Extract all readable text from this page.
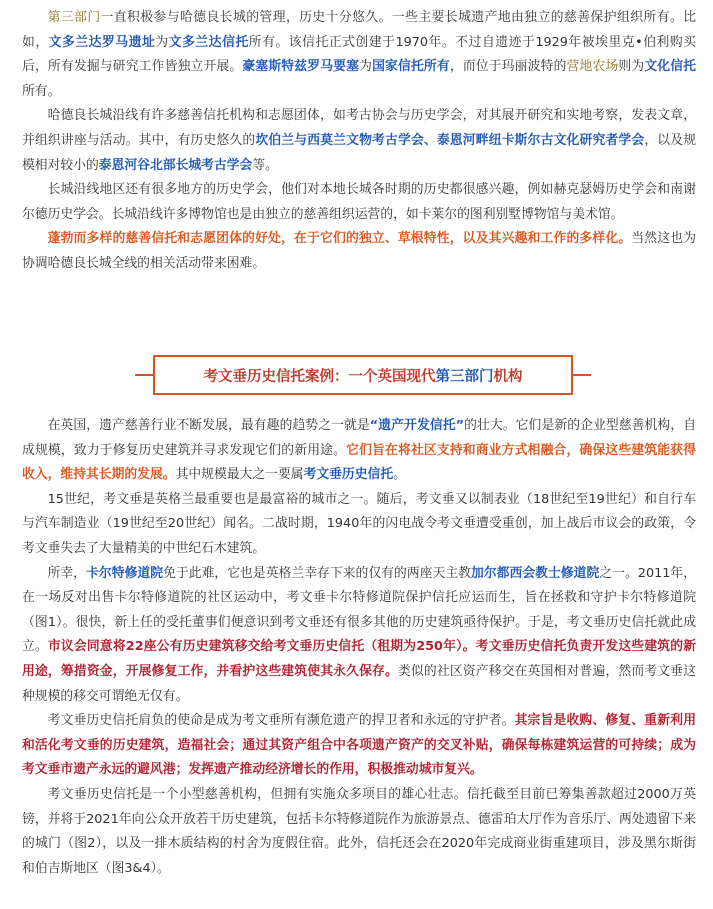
第三部门一直积极参与哈德良长城的管理，历史十分悠久。一些主要长城遗产地由独立的慈善保护组织所有。比如，文多兰达罗马遗址为文多兰达信托所有。该信托正式创建于1970年。不过自遗迹于1929年被埃里克•伯利购买后，所有发掘与研究工作皆独立开展。豪塞斯特兹罗马要塞为国家信托所有，而位于玛丽波特的营地农场则为文化信托所有。

哈德良长城沿线有许多慈善信托机构和志愿团体，如考古协会与历史学会，对其展开研究和实地考察，发表文章，并组织讲座与活动。其中，有历史悠久的坎伯兰与西莫兰文物考古学会、泰恩河畔纽卡斯尔古文化研究者学会，以及规模相对较小的泰恩河谷北部长城考古学会等。

长城沿线地区还有很多地方的历史学会，他们对本地长城各时期的历史都很感兴趣，例如赫克瑟姆历史学会和南谢尔德历史学会。长城沿线许多博物馆也是由独立的慈善组织运营的，如卡莱尔的图利别墅博物馆与美术馆。

蓬勃而多样的慈善信托和志愿团体的好处，在于它们的独立、草根特性，以及其兴趣和工作的多样化。当然这也为协调哈德良长城全线的相关活动带来困难。

考文垂历史信托案例：一个英国现代 第三部门 机构

在英国，遗产慈善行业不断发展，最有趣的趋势之一就是“遗产开发信托”的壮大。它们是新的企业型慈善机构，自成规模，致力于修复历史建筑并寻求发现它们的新用途。它们旨在将社区支持和商业方式相融合，确保这些建筑能获得收入，维持其长期的发展。其中规模最大之一要属考文垂历史信托。

15世纪，考文垂是英格兰最重要也是最富裕的城市之一。随后，考文垂又以制表业（18世纪至19世纪）和自行车与汽车制造业（19世纪至20世纪）闻名。二战时期，1940年的闪电战令考文垂遭受重创，加上战后市议会的政策，令考文垂失去了大量精美的中世纪石木建筑。

所幸，卡尔特修道院免于此难，它也是英格兰幸存下来的仅有的两座天主教加尔都西会教士修道院之一。2011年，在一场反对出售卡尔特修道院的社区运动中，考文垂卡尔特修道院保护信托应运而生，旨在拯救和守护卡尔特修道院（图1）。很快，新上任的受托董事们便意识到考文垂还有很多其他的历史建筑亟待保护。于是，考文垂历史信托就此成立。市议会同意将22座公有历史建筑移交给考文垂历史信托（租期为250年）。考文垂历史信托负责开发这些建筑的新用途，筹措资金，开展修复工作，并看护这些建筑使其永久保存。类似的社区资产移交在英国相对普遍，然而考文垂这种规模的移交可谓绝无仅有。

考文垂历史信托肩负的使命是成为考文垂所有濒危遗产的捍卫者和永远的守护者。其宗旨是收购、修复、重新利用和活化考文垂的历史建筑，造福社会；通过其资产组合中各项遗产资产的交叉补贴，确保每栋建筑运营的可持续；成为考文垂市遗产永远的避风港；发挥遗产推动经济增长的作用，积极推动城市复兴。

考文垂历史信托是一个小型慈善机构，但拥有实施众多项目的雄心壮志。信托截至目前已筹集善款超过2000万英镑，并将于2021年向公众开放若干历史建筑，包括卡尔特修道院作为旅游景点、德雷珀大厅作为音乐厅、两处遗留下来的城门（图2），以及一排木质结构的村舍为度假住宿。此外，信托还会在2020年完成商业街重建项目，涉及黑尔斯街和伯吉斯地区（图3&4）。
